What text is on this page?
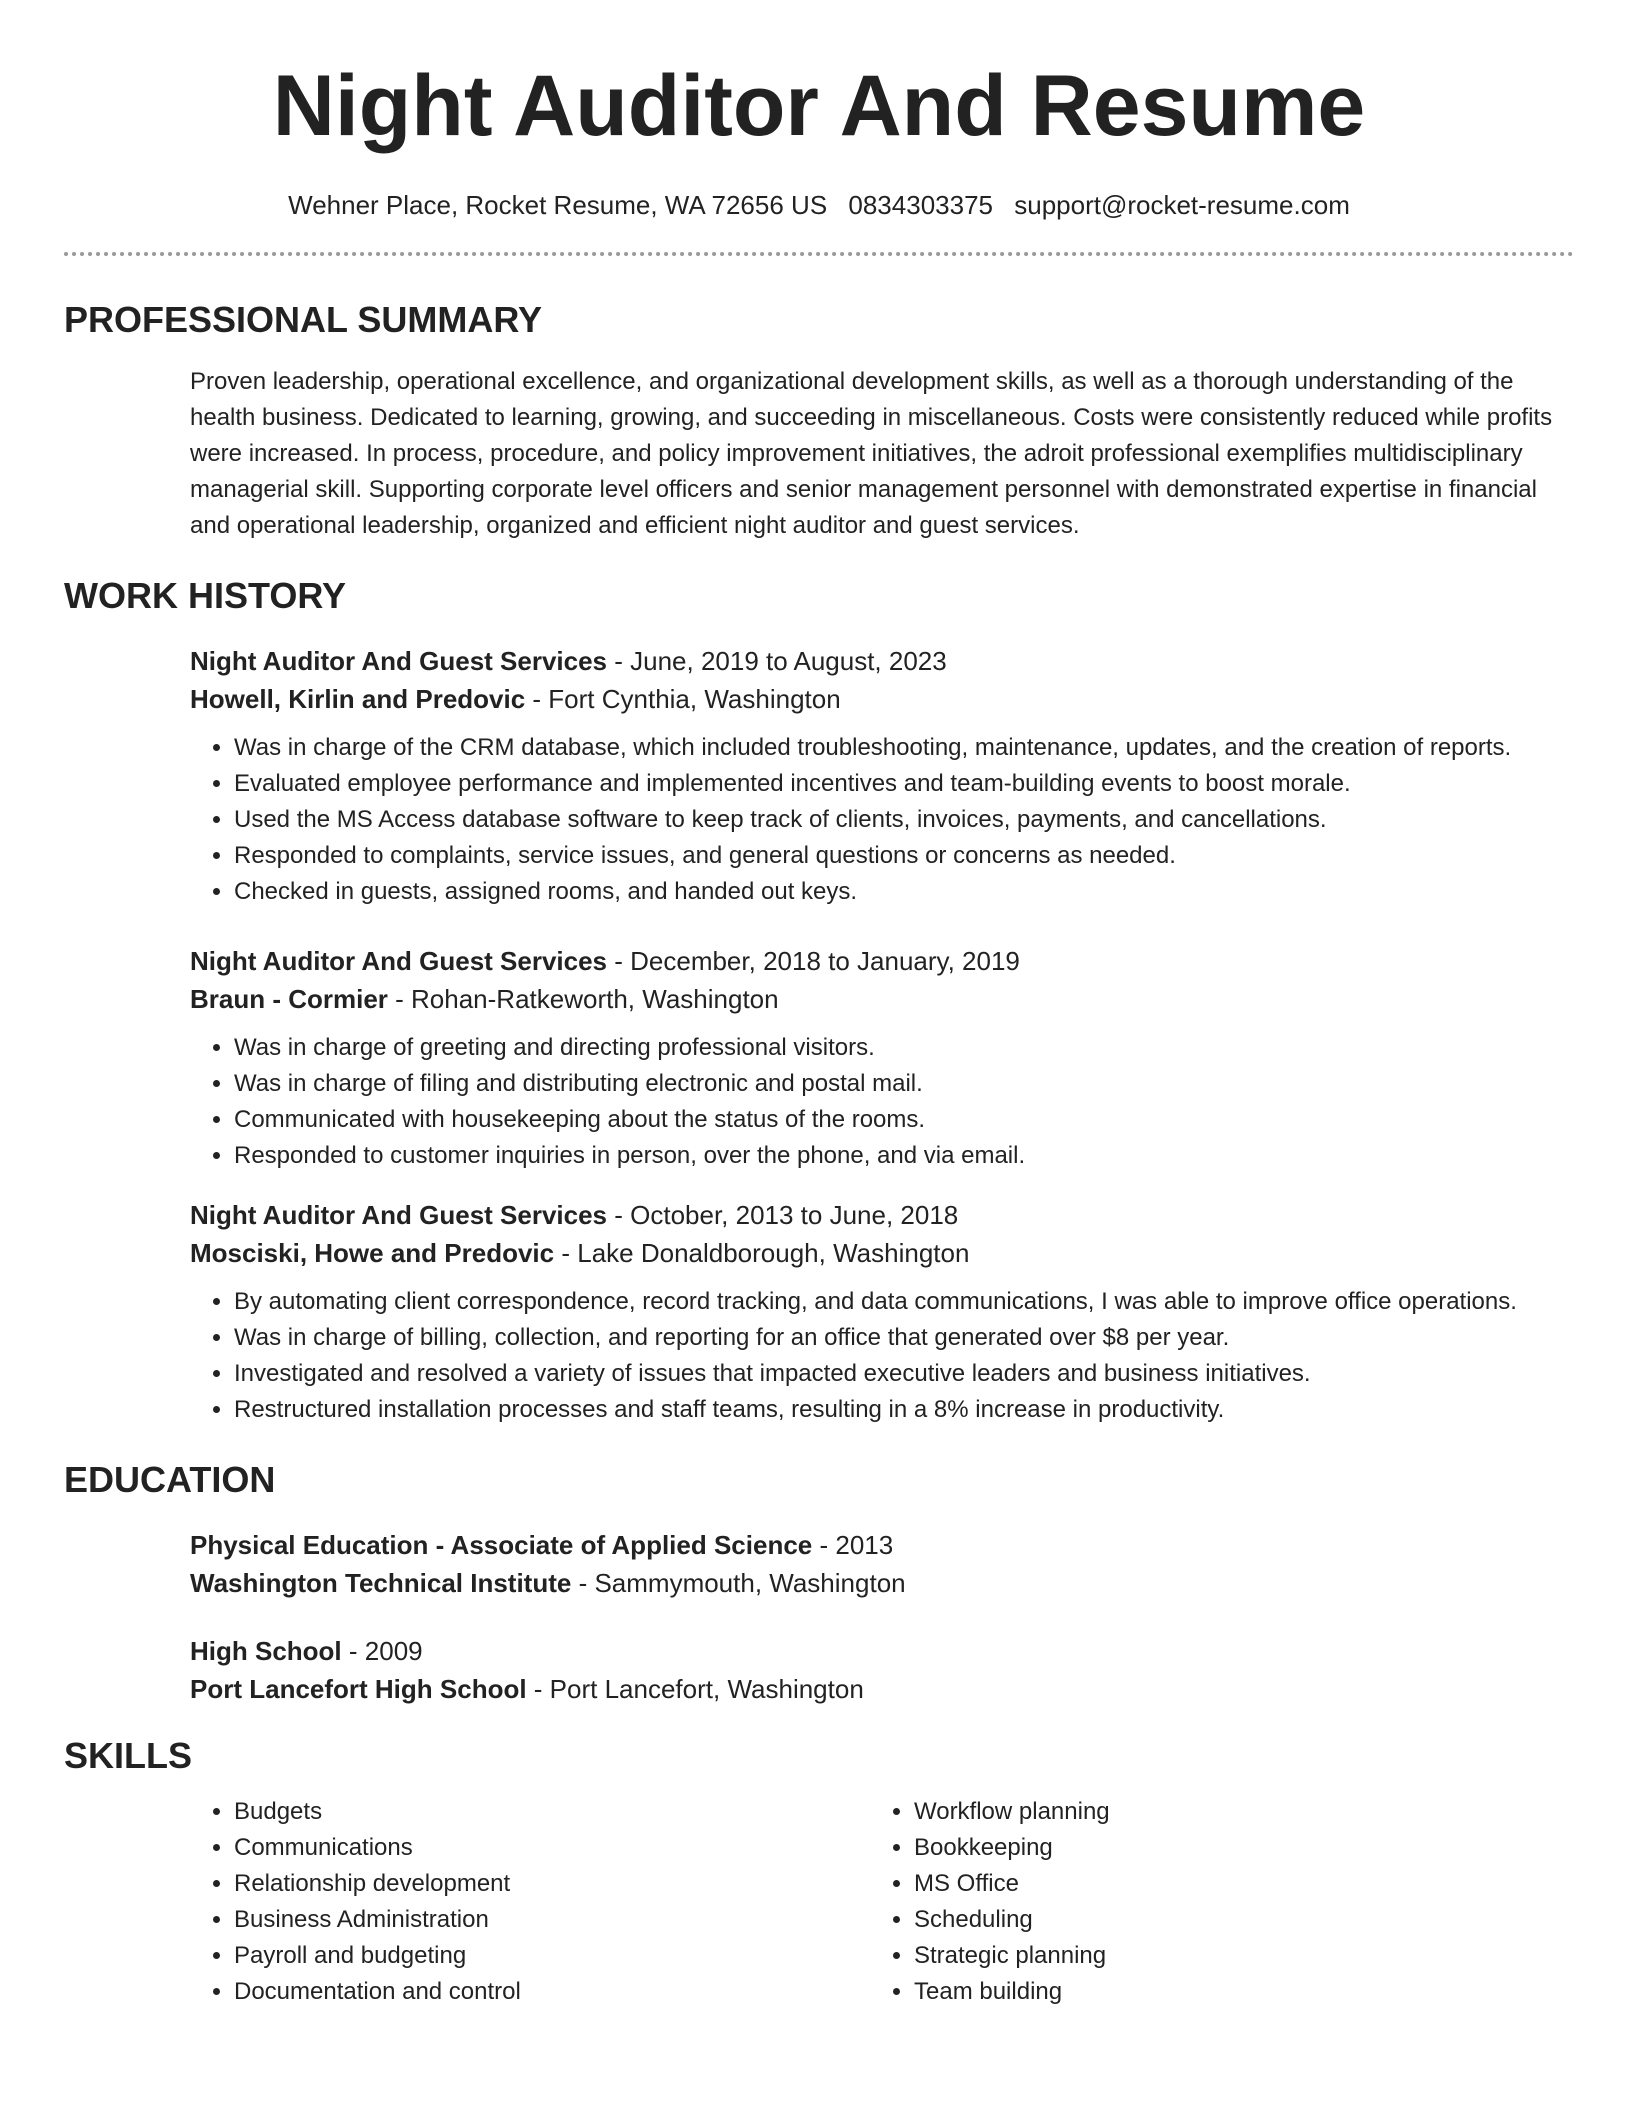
Night Auditor And Resume
Wehner Place, Rocket Resume, WA 72656 US 0834303375 support@rocket-resume.com
PROFESSIONAL SUMMARY
Proven leadership, operational excellence, and organizational development skills, as well as a thorough understanding of the health business. Dedicated to learning, growing, and succeeding in miscellaneous. Costs were consistently reduced while profits were increased. In process, procedure, and policy improvement initiatives, the adroit professional exemplifies multidisciplinary managerial skill. Supporting corporate level officers and senior management personnel with demonstrated expertise in financial and operational leadership, organized and efficient night auditor and guest services.
WORK HISTORY
Night Auditor And Guest Services - June, 2019 to August, 2023
Howell, Kirlin and Predovic - Fort Cynthia, Washington
• Was in charge of the CRM database, which included troubleshooting, maintenance, updates, and the creation of reports.
• Evaluated employee performance and implemented incentives and team-building events to boost morale.
• Used the MS Access database software to keep track of clients, invoices, payments, and cancellations.
• Responded to complaints, service issues, and general questions or concerns as needed.
• Checked in guests, assigned rooms, and handed out keys.
Night Auditor And Guest Services - December, 2018 to January, 2019
Braun - Cormier - Rohan-Ratkeworth, Washington
• Was in charge of greeting and directing professional visitors.
• Was in charge of filing and distributing electronic and postal mail.
• Communicated with housekeeping about the status of the rooms.
• Responded to customer inquiries in person, over the phone, and via email.
Night Auditor And Guest Services - October, 2013 to June, 2018
Mosciski, Howe and Predovic - Lake Donaldborough, Washington
• By automating client correspondence, record tracking, and data communications, I was able to improve office operations.
• Was in charge of billing, collection, and reporting for an office that generated over $8 per year.
• Investigated and resolved a variety of issues that impacted executive leaders and business initiatives.
• Restructured installation processes and staff teams, resulting in a 8% increase in productivity.
EDUCATION
Physical Education - Associate of Applied Science - 2013
Washington Technical Institute - Sammymouth, Washington
High School - 2009
Port Lancefort High School - Port Lancefort, Washington
SKILLS
• Budgets
• Communications
• Relationship development
• Business Administration
• Payroll and budgeting
• Documentation and control
• Workflow planning
• Bookkeeping
• MS Office
• Scheduling
• Strategic planning
• Team building
